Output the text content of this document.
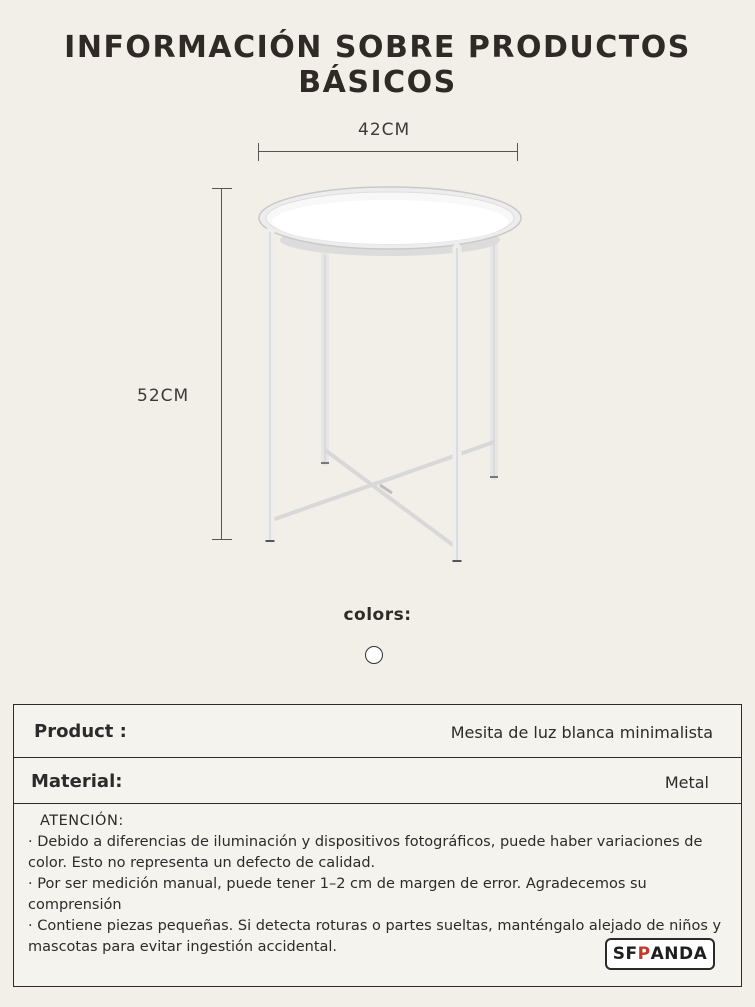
INFORMACIÓN SOBRE PRODUCTOS BÁSICOS
42CM
52CM
colors:
Product :	Mesita de luz blanca minimalista
Material:	Metal

ATENCIÓN:

· Debido a diferencias de iluminación y dispositivos fotográficos, puede haber variaciones de color. Esto no representa un defecto de calidad.

· Por ser medición manual, puede tener 1–2 cm de margen de error. Agradecemos su comprensión

· Contiene piezas pequeñas. Si detecta roturas o partes sueltas, manténgalo alejado de niños y mascotas para evitar ingestión accidental.	SF P ANDA
